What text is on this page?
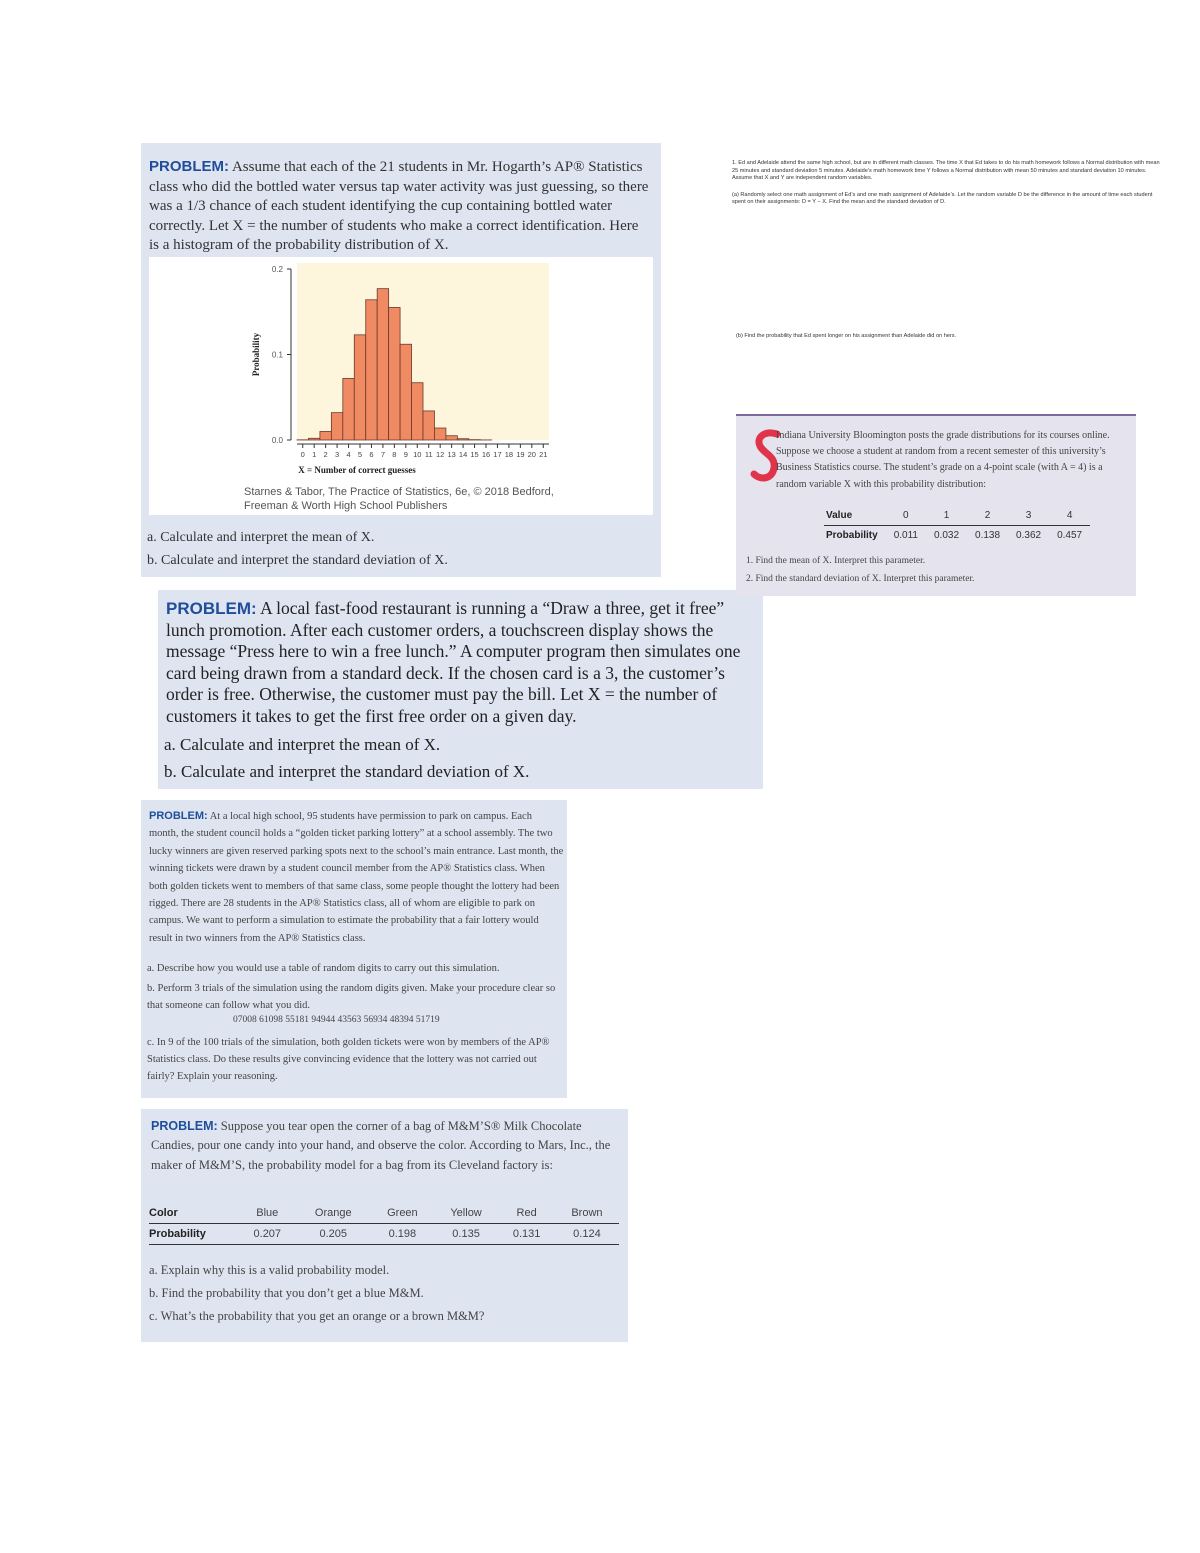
PROBLEM: Assume that each of the 21 students in Mr. Hogarth’s AP® Statistics class who did the bottled water versus tap water activity was just guessing, so there was a 1/3 chance of each student identifying the cup containing bottled water correctly. Let X = the number of students who make a correct identification. Here is a histogram of the probability distribution of X.

0.0
0.1
0.2
0 1 2 3 4 5 6 7 8 9 10 11 12 13 14 15 16 17 18 19 20 21
X = Number of correct guesses
Probability
Starnes & Tabor, The Practice of Statistics, 6e, © 2018 Bedford,
Freeman & Worth High School Publishers

a. Calculate and interpret the mean of X.

b. Calculate and interpret the standard deviation of X.

PROBLEM: A local fast-food restaurant is running a “Draw a three, get it free” lunch promotion. After each customer orders, a touchscreen display shows the message “Press here to win a free lunch.” A computer program then simulates one card being drawn from a standard deck. If the chosen card is a 3, the customer’s order is free. Otherwise, the customer must pay the bill. Let X = the number of customers it takes to get the first free order on a given day.

a. Calculate and interpret the mean of X.

b. Calculate and interpret the standard deviation of X.

PROBLEM: At a local high school, 95 students have permission to park on campus. Each month, the student council holds a “golden ticket parking lottery” at a school assembly. The two lucky winners are given reserved parking spots next to the school’s main entrance. Last month, the winning tickets were drawn by a student council member from the AP® Statistics class. When both golden tickets went to members of that same class, some people thought the lottery had been rigged. There are 28 students in the AP® Statistics class, all of whom are eligible to park on campus. We want to perform a simulation to estimate the probability that a fair lottery would result in two winners from the AP® Statistics class.

a. Describe how you would use a table of random digits to carry out this simulation.

b. Perform 3 trials of the simulation using the random digits given. Make your procedure clear so that someone can follow what you did.

07008 61098 55181 94944 43563 56934 48394 51719

c. In 9 of the 100 trials of the simulation, both golden tickets were won by members of the AP® Statistics class. Do these results give convincing evidence that the lottery was not carried out fairly? Explain your reasoning.

PROBLEM: Suppose you tear open the corner of a bag of M&M’S® Milk Chocolate Candies, pour one candy into your hand, and observe the color. According to Mars, Inc., the maker of M&M’S, the probability model for a bag from its Cleveland factory is:

Color	Blue	Orange	Green	Yellow	Red	Brown
Probability	0.207	0.205	0.198	0.135	0.131	0.124

a. Explain why this is a valid probability model.

b. Find the probability that you don’t get a blue M&M.

c. What’s the probability that you get an orange or a brown M&M?

1. Ed and Adelaide attend the same high school, but are in different math classes. The time X that Ed takes to do his math homework follows a Normal distribution with mean 25 minutes and standard deviation 5 minutes. Adelaide’s math homework time Y follows a Normal distribution with mean 50 minutes and standard deviation 10 minutes. Assume that X and Y are independent random variables.

(a) Randomly select one math assignment of Ed’s and one math assignment of Adelaide’s. Let the random variable D be the difference in the amount of time each student spent on their assignments: D = Y − X. Find the mean and the standard deviation of D.

(b) Find the probability that Ed spent longer on his assignment than Adelaide did on hers.

Indiana University Bloomington posts the grade distributions for its courses online. Suppose we choose a student at random from a recent semester of this university’s Business Statistics course. The student’s grade on a 4-point scale (with A = 4) is a random variable X with this probability distribution:

Value	0	1	2	3	4
Probability	0.011	0.032	0.138	0.362	0.457

1. Find the mean of X. Interpret this parameter.

2. Find the standard deviation of X. Interpret this parameter.
